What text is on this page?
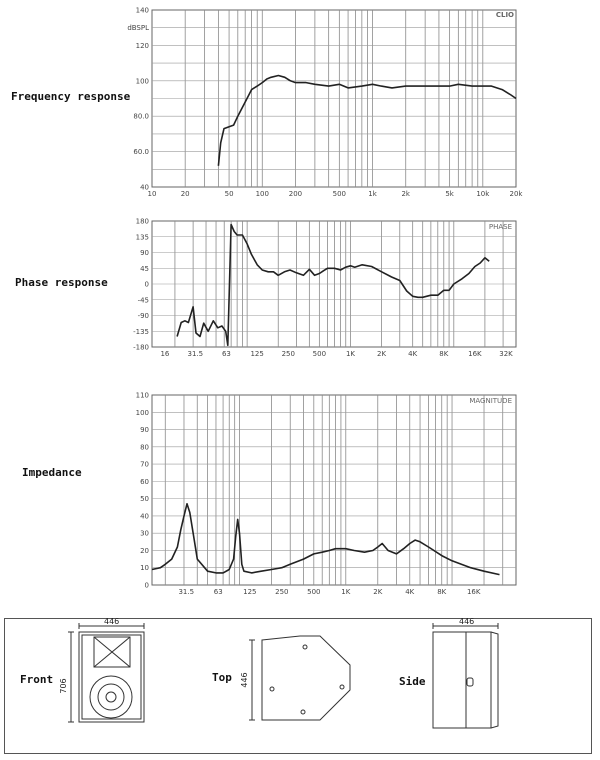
Frequency response
Phase response
Impedance
10	20	50	100	200	500	1k	2k	5k	10k	20k
40
60.0
80.0
100
120
dBSPL
140
CLIO
16	31.5	63	125	250	500	1K	2K	4K	8K	16K	32K
180
135
90
45
0
-45
-90
-135
-180
PHASE
31.5	63	125	250	500	1K	2K	4K	8K	16K
0
10
20
30
40
50
60
70
80
90
100
110
MAGNITUDE
Front	Top	Side
446
706	446
446
